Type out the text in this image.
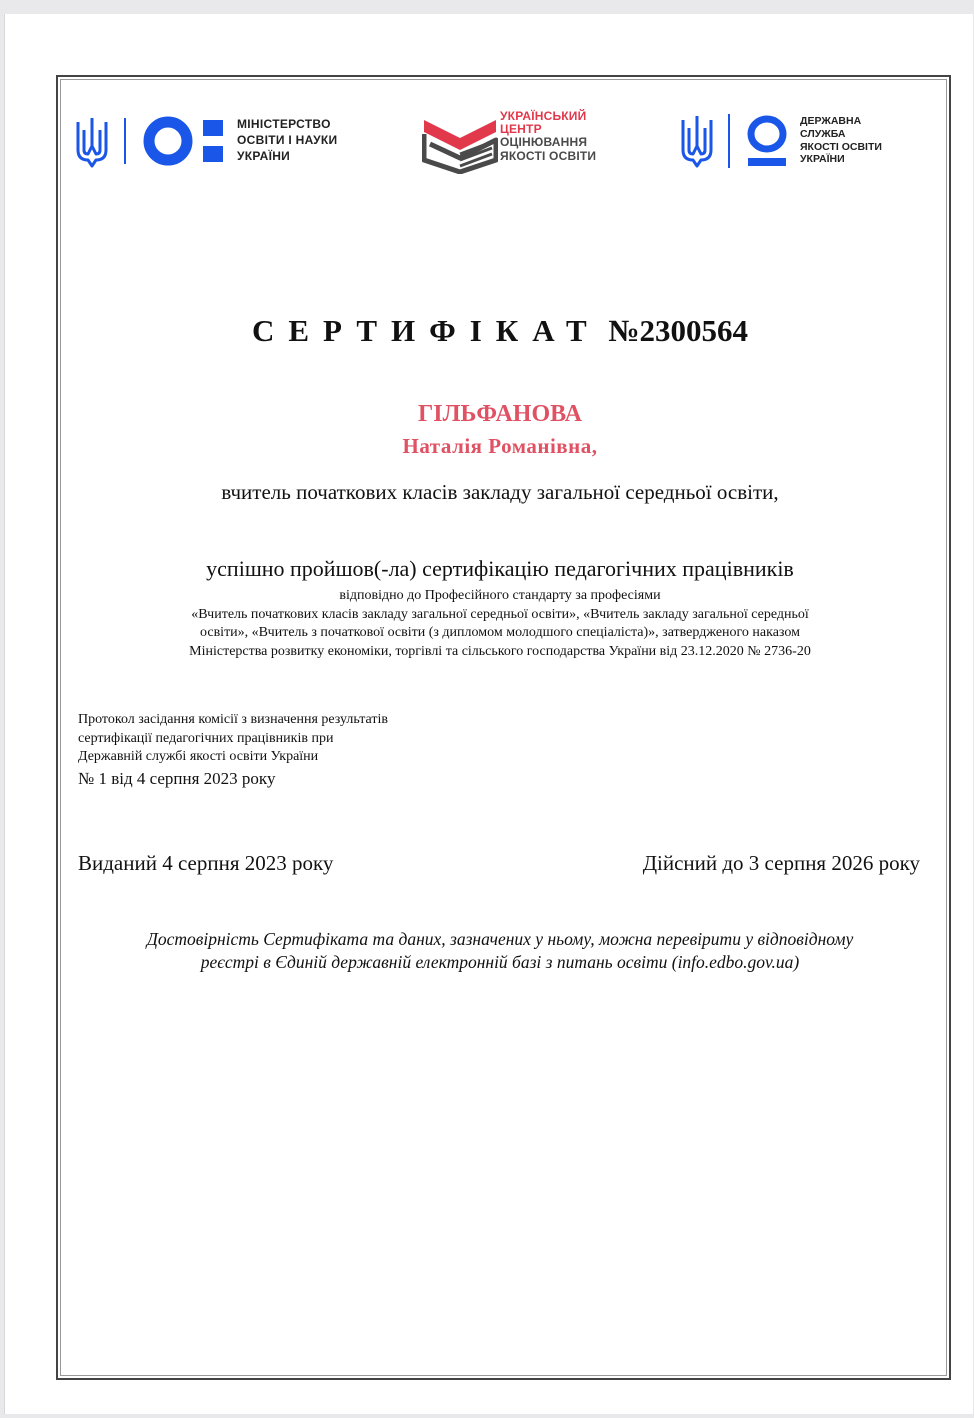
МІНІСТЕРСТВО
ОСВІТИ І НАУКИ
УКРАЇНИ
УКРАЇНСЬКИЙ
ЦЕНТР
ОЦІНЮВАННЯ
ЯКОСТІ ОСВІТИ
ДЕРЖАВНА
СЛУЖБА
ЯКОСТІ ОСВІТИ
УКРАЇНИ
СЕРТИФІКАТ №2300564
ГІЛЬФАНОВА
Наталія Романівна,
вчитель початкових класів закладу загальної середньої освіти,
успішно пройшов(-ла) сертифікацію педагогічних працівників
відповідно до Професійного стандарту за професіями
«Вчитель початкових класів закладу загальної середньої освіти», «Вчитель закладу загальної середньої
освіти», «Вчитель з початкової освіти (з дипломом молодшого спеціаліста)», затвердженого наказом
Міністерства розвитку економіки, торгівлі та сільського господарства України від 23.12.2020 № 2736-20
Протокол засідання комісії з визначення результатів
сертифікації педагогічних працівників при
Державній службі якості освіти України
№ 1 від 4 серпня 2023 року
Виданий 4 серпня 2023 року	Дійсний до 3 серпня 2026 року
Достовірність Сертифіката та даних, зазначених у ньому, можна перевірити у відповідному
реєстрі в Єдиній державній електронній базі з питань освіти (info.edbo.gov.ua)
